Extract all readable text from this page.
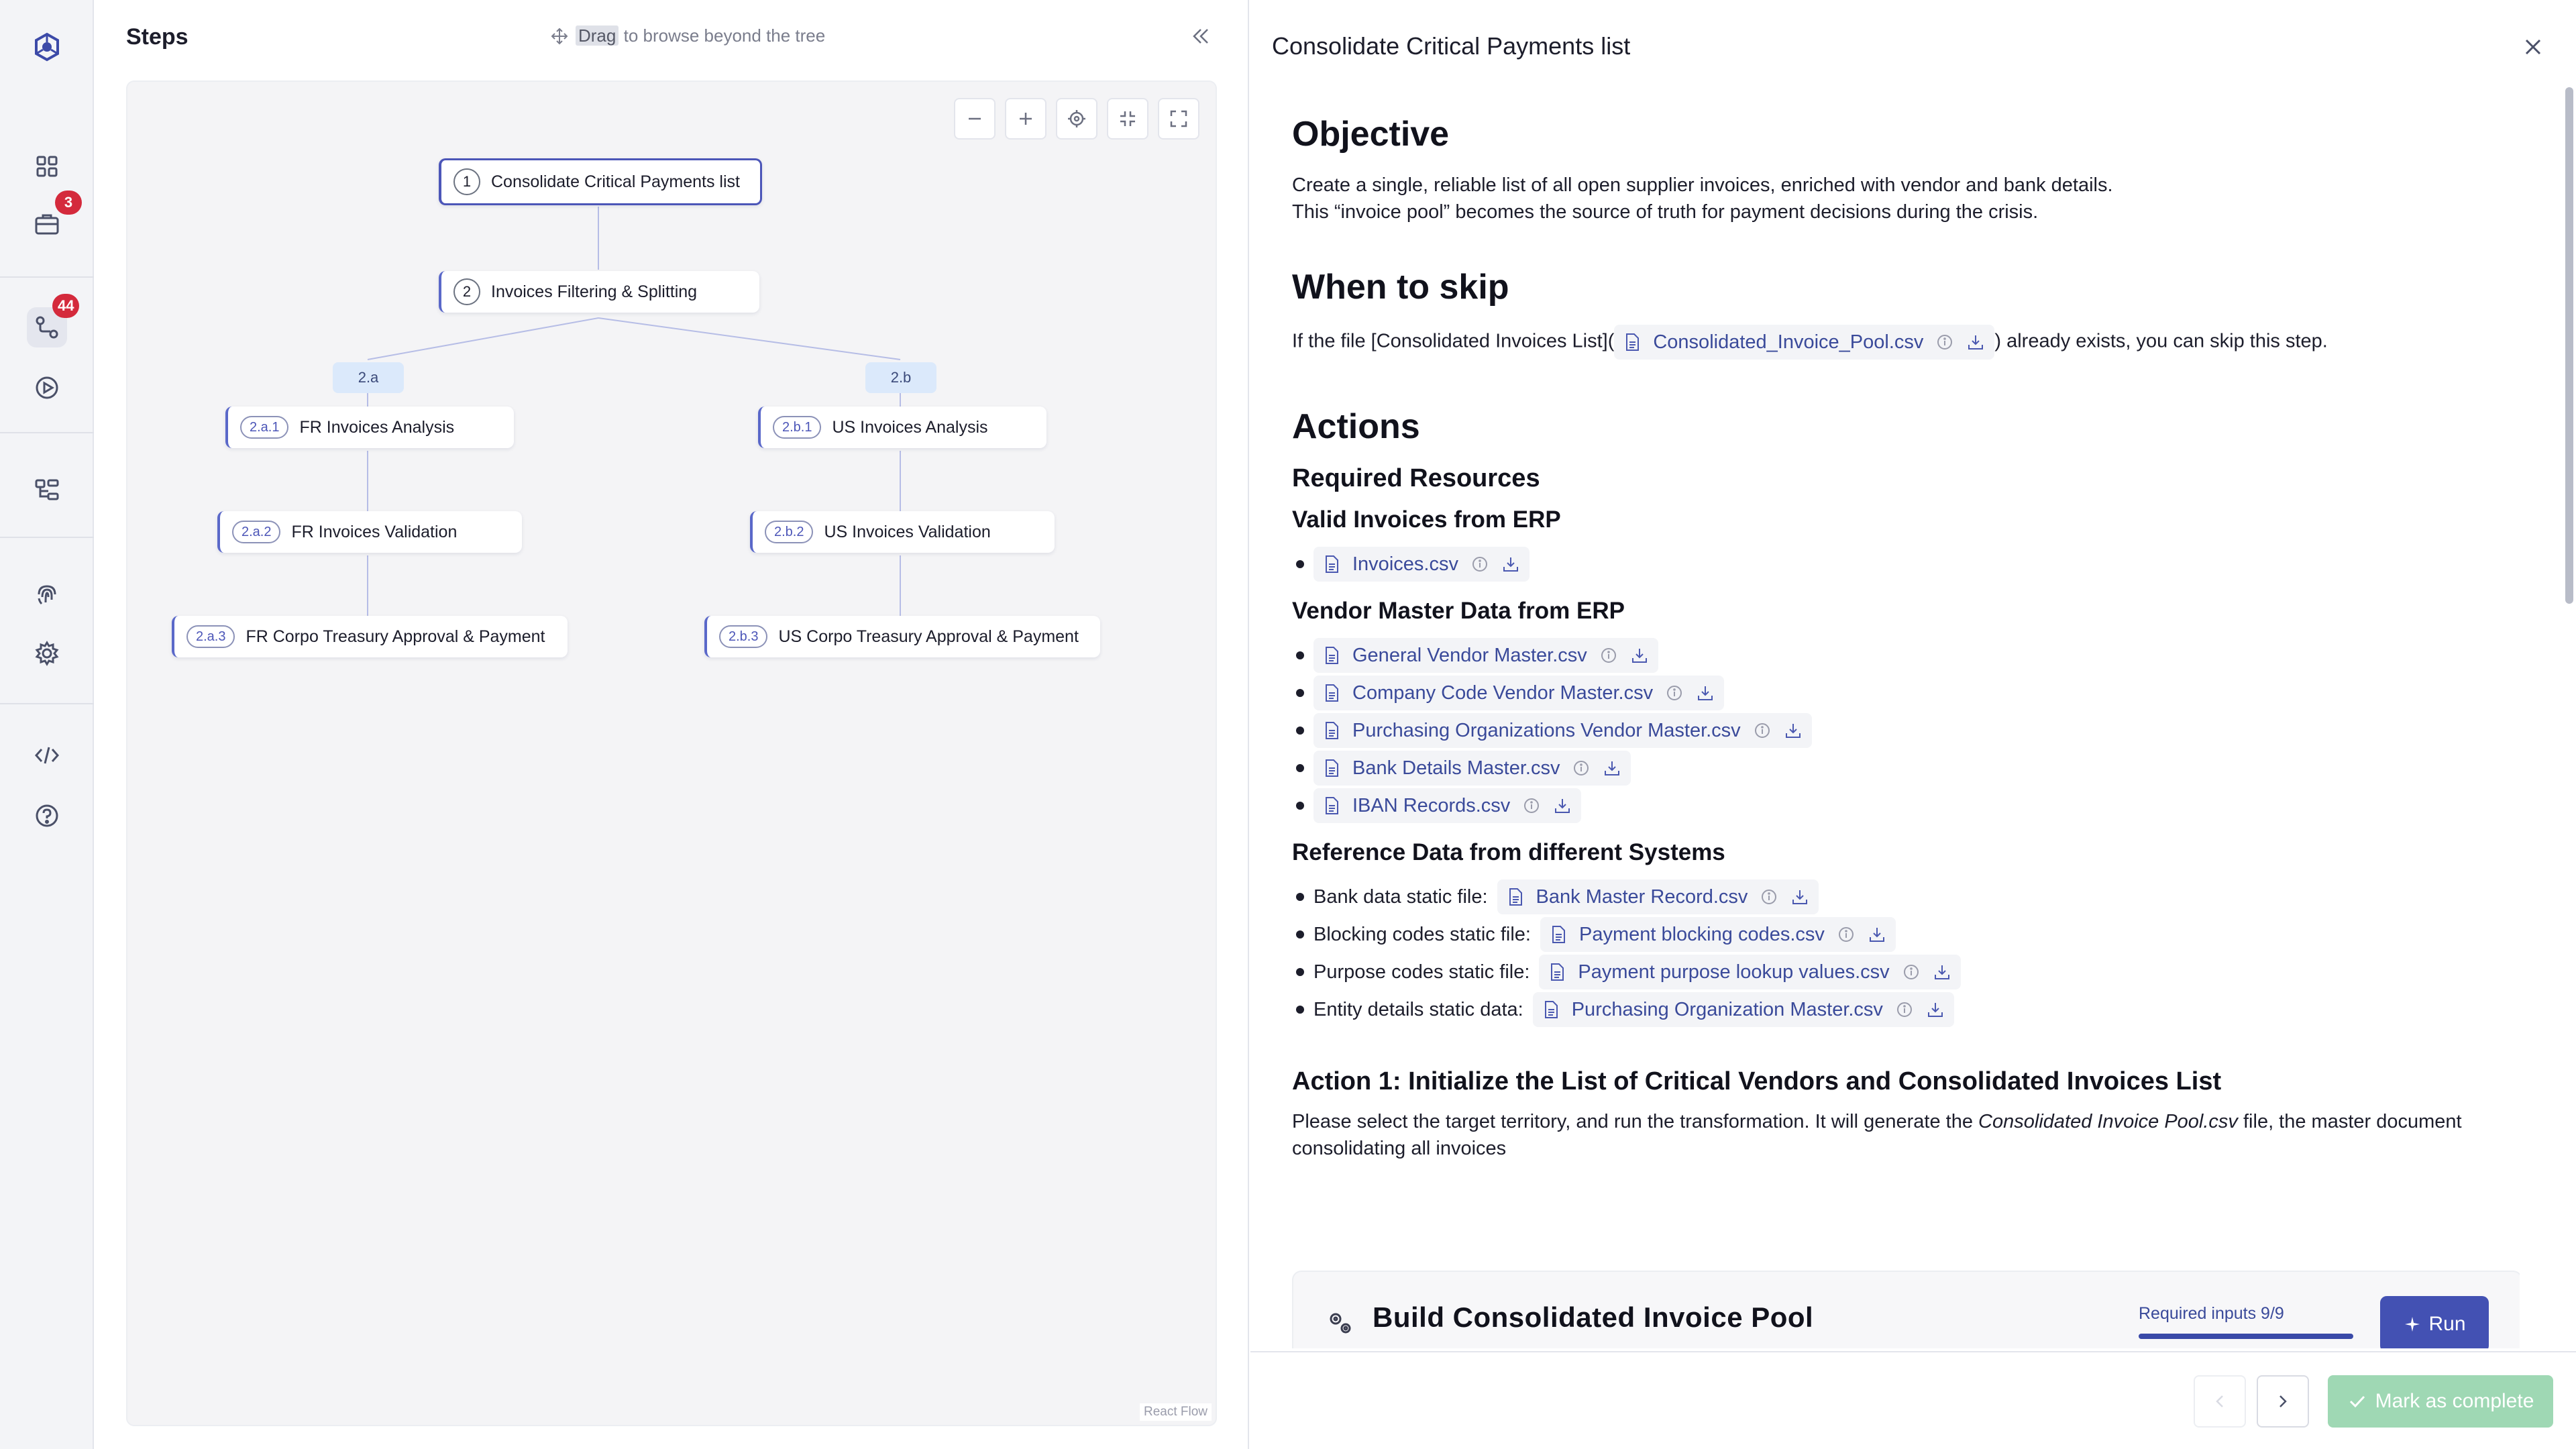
3
44
Steps	Drag to browse beyond the tree
1	Consolidate Critical Payments list
2	Invoices Filtering & Splitting
2.a	2.b
2.a.1	FR Invoices Analysis
2.a.2	FR Invoices Validation
2.a.3	FR Corpo Treasury Approval & Payment
2.b.1	US Invoices Analysis
2.b.2	US Invoices Validation
2.b.3	US Corpo Treasury Approval & Payment
React Flow
Consolidate Critical Payments list
Objective

Create a single, reliable list of all open supplier invoices, enriched with vendor and bank details.

This “invoice pool” becomes the source of truth for payment decisions during the crisis.

When to skip

If the file [Consolidated Invoices List]( Consolidated_Invoice_Pool.csv	) already exists, you can skip this step.

Actions
Required Resources
Valid Invoices from ERP
Invoices.csv
Vendor Master Data from ERP
General Vendor Master.csv
Company Code Vendor Master.csv
Purchasing Organizations Vendor Master.csv
Bank Details Master.csv
IBAN Records.csv
Reference Data from different Systems
Bank data static file: Bank Master Record.csv
Blocking codes static file: Payment blocking codes.csv
Purpose codes static file: Payment purpose lookup values.csv
Entity details static data: Purchasing Organization Master.csv
Action 1: Initialize the List of Critical Vendors and Consolidated Invoices List

Please select the target territory, and run the transformation. It will generate the Consolidated Invoice Pool.csv file, the master document consolidating all invoices

Build Consolidated Invoice Pool	Required inputs 9/9	Run
Mark as complete
